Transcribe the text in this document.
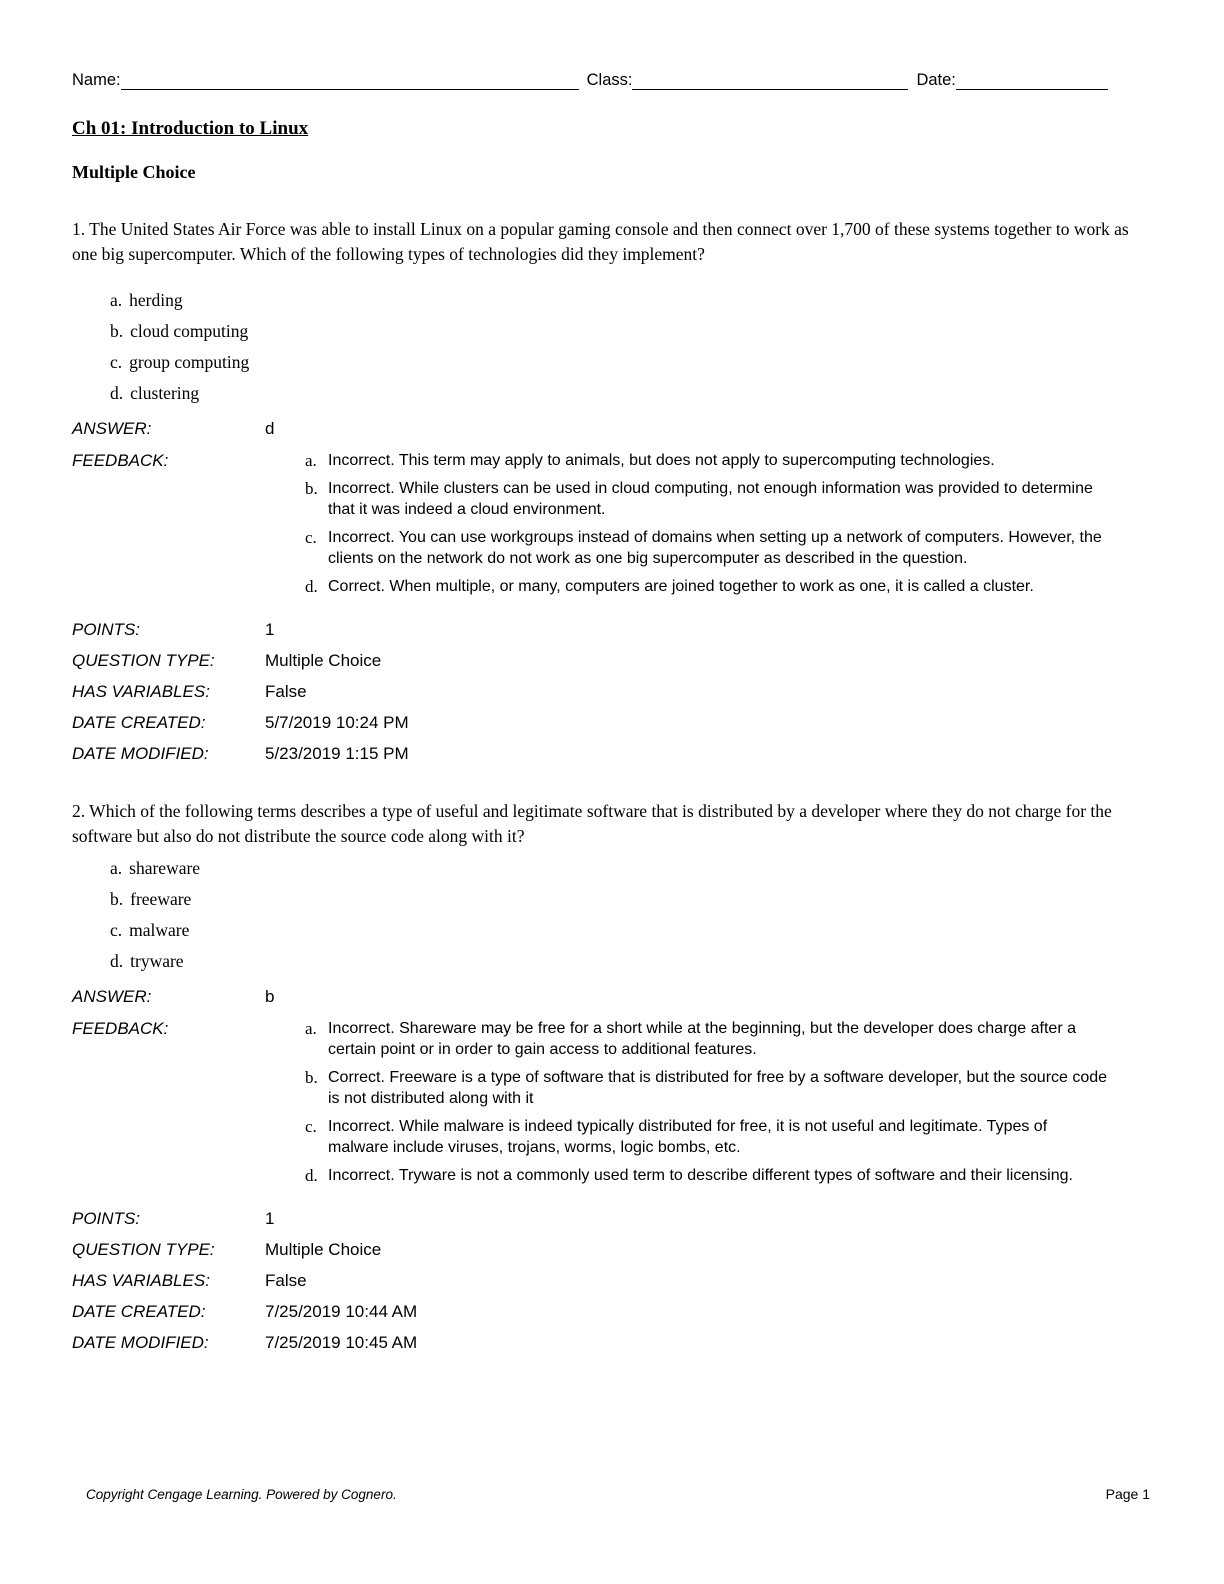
Name:	Class:	Date:
Ch 01: Introduction to Linux
Multiple Choice

1. The United States Air Force was able to install Linux on a popular gaming console and then connect over 1,700 of these systems together to work as one big supercomputer. Which of the following types of technologies did they implement?

a. herding
b. cloud computing
c. group computing
d. clustering
ANSWER:	d
FEEDBACK:	a. Incorrect. This term may apply to animals, but does not apply to supercomputing technologies.
b. Incorrect. While clusters can be used in cloud computing, not enough information was provided to determine that it was indeed a cloud environment.
c. Incorrect. You can use workgroups instead of domains when setting up a network of computers. However, the clients on the network do not work as one big supercomputer as described in the question.
d. Correct. When multiple, or many, computers are joined together to work as one, it is called a cluster.
POINTS:	1
QUESTION TYPE:	Multiple Choice
HAS VARIABLES:	False
DATE CREATED:	5/7/2019 10:24 PM
DATE MODIFIED:	5/23/2019 1:15 PM

2. Which of the following terms describes a type of useful and legitimate software that is distributed by a developer where they do not charge for the software but also do not distribute the source code along with it?

a. shareware
b. freeware
c. malware
d. tryware
ANSWER:	b
FEEDBACK:	a. Incorrect. Shareware may be free for a short while at the beginning, but the developer does charge after a certain point or in order to gain access to additional features.
b. Correct. Freeware is a type of software that is distributed for free by a software developer, but the source code is not distributed along with it
c. Incorrect. While malware is indeed typically distributed for free, it is not useful and legitimate. Types of malware include viruses, trojans, worms, logic bombs, etc.
d. Incorrect. Tryware is not a commonly used term to describe different types of software and their licensing.
POINTS:	1
QUESTION TYPE:	Multiple Choice
HAS VARIABLES:	False
DATE CREATED:	7/25/2019 10:44 AM
DATE MODIFIED:	7/25/2019 10:45 AM
Copyright Cengage Learning. Powered by Cognero.	Page 1
